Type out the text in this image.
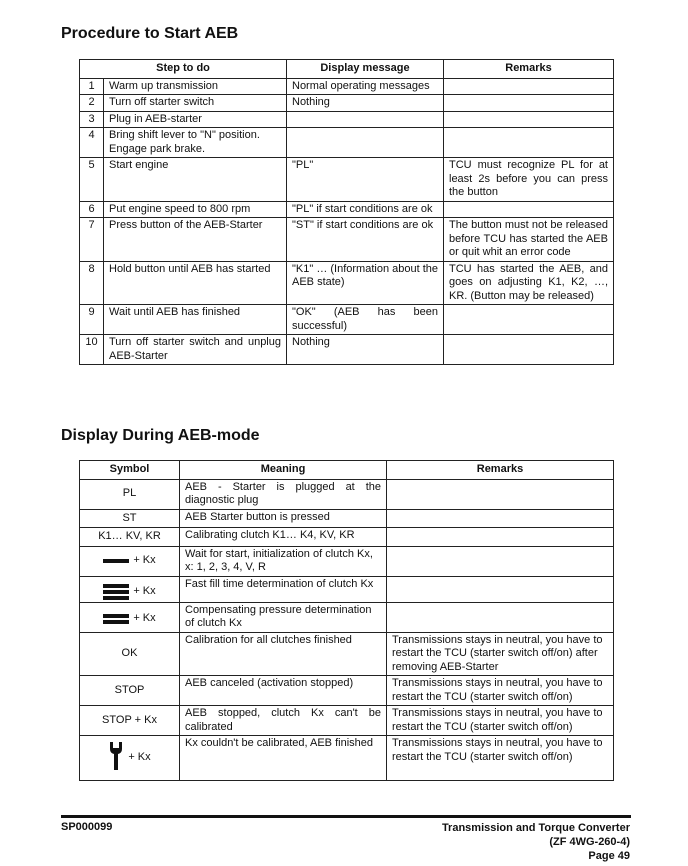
Procedure to Start AEB
Step to do		Display message	Remarks
1	Warm up transmission	Normal operating messages	
2	Turn off starter switch	Nothing	
3	Plug in AEB-starter		
4	Bring shift lever to "N" position. Engage park brake.		
5	Start engine	"PL"	TCU must recognize PL for at least 2s before you can press the button
6	Put engine speed to 800 rpm	"PL" if start conditions are ok	
7	Press button of the AEB-Starter	"ST" if start conditions are ok	The button must not be released before TCU has started the AEB or quit whit an error code
8	Hold button until AEB has started	"K1" … (Information about the AEB state)	TCU has started the AEB, and goes on adjusting K1, K2, …, KR. (Button may be released)
9	Wait until AEB has finished	"OK" (AEB has been successful)	
10	Turn off starter switch and unplug AEB-Starter	Nothing	
Display During AEB-mode
Symbol	Meaning	Remarks
PL	AEB - Starter is plugged at the diagnostic plug	
ST	AEB Starter button is pressed	
K1… KV, KR	Calibrating clutch K1… K4, KV, KR	

+ Kx	Wait for start, initialization of clutch Kx, x: 1, 2, 3, 4, V, R	

+ Kx	Fast fill time determination of clutch Kx	

+ Kx	Compensating pressure determination of clutch Kx	
OK	Calibration for all clutches finished	Transmissions stays in neutral, you have to restart the TCU (starter switch off/on) after removing AEB-Starter
STOP	AEB canceled (activation stopped)	Transmissions stays in neutral, you have to restart the TCU (starter switch off/on)
STOP + Kx	AEB stopped, clutch Kx can't be calibrated	Transmissions stays in neutral, you have to restart the TCU (starter switch off/on)

+ Kx	Kx couldn't be calibrated, AEB finished	Transmissions stays in neutral, you have to restart the TCU (starter switch off/on)
SP000099	Transmission and Torque Converter
(ZF 4WG-260-4)
Page 49
